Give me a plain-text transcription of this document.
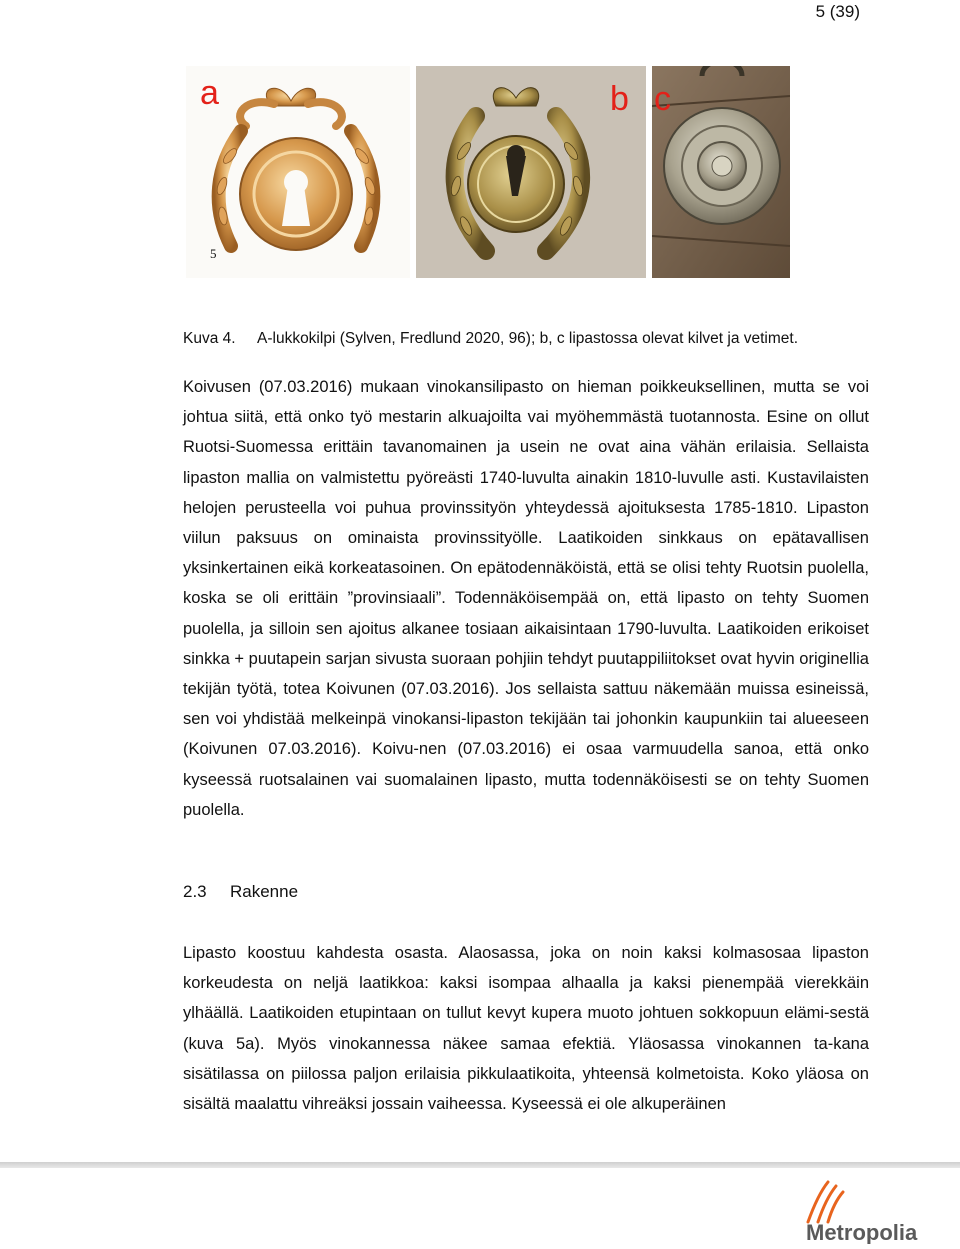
5 (39)
a
5
b c
Kuva 4. A-lukkokilpi (Sylven, Fredlund 2020, 96); b, c lipastossa olevat kilvet ja vetimet.

Koivusen (07.03.2016) mukaan vinokansilipasto on hieman poikkeuksellinen, mutta se voi johtua siitä, että onko työ mestarin alkuajoilta vai myöhemmästä tuotannosta. Esine on ollut Ruotsi-Suomessa erittäin tavanomainen ja usein ne ovat aina vähän erilaisia. Sellaista lipaston mallia on valmistettu pyöreästi 1740-luvulta ainakin 1810-luvulle asti. Kustavilaisten helojen perusteella voi puhua provinssityön yhteydessä ajoituksesta 1785-1810. Lipaston viilun paksuus on ominaista provinssityölle. Laatikoiden sinkkaus on epätavallisen yksinkertainen eikä korkeatasoinen. On epätodennäköistä, että se olisi tehty Ruotsin puolella, koska se oli erittäin ”provinsiaali”. Todennäköisempää on, että lipasto on tehty Suomen puolella, ja silloin sen ajoitus alkanee tosiaan aikaisintaan 1790-luvulta. Laatikoiden erikoiset sinkka + puutapein sarjan sivusta suoraan pohjiin tehdyt puutappiliitokset ovat hyvin originellia tekijän työtä, totea Koivunen (07.03.2016). Jos sellaista sattuu näkemään muissa esineissä, sen voi yhdistää melkeinpä vinokansi-lipaston tekijään tai johonkin kaupunkiin tai alueeseen (Koivunen 07.03.2016). Koivu-nen (07.03.2016) ei osaa varmuudella sanoa, että onko kyseessä ruotsalainen vai suomalainen lipasto, mutta todennäköisesti se on tehty Suomen puolella.

2.3 Rakenne

Lipasto koostuu kahdesta osasta. Alaosassa, joka on noin kaksi kolmasosaa lipaston korkeudesta on neljä laatikkoa: kaksi isompaa alhaalla ja kaksi pienempää vierekkäin ylhäällä. Laatikoiden etupintaan on tullut kevyt kupera muoto johtuen sokkopuun elämi-sestä (kuva 5a). Myös vinokannessa näkee samaa efektiä. Yläosassa vinokannen ta-kana sisätilassa on piilossa paljon erilaisia pikkulaatikoita, yhteensä kolmetoista. Koko yläosa on sisältä maalattu vihreäksi jossain vaiheessa. Kyseessä ei ole alkuperäinen

Metropolia
